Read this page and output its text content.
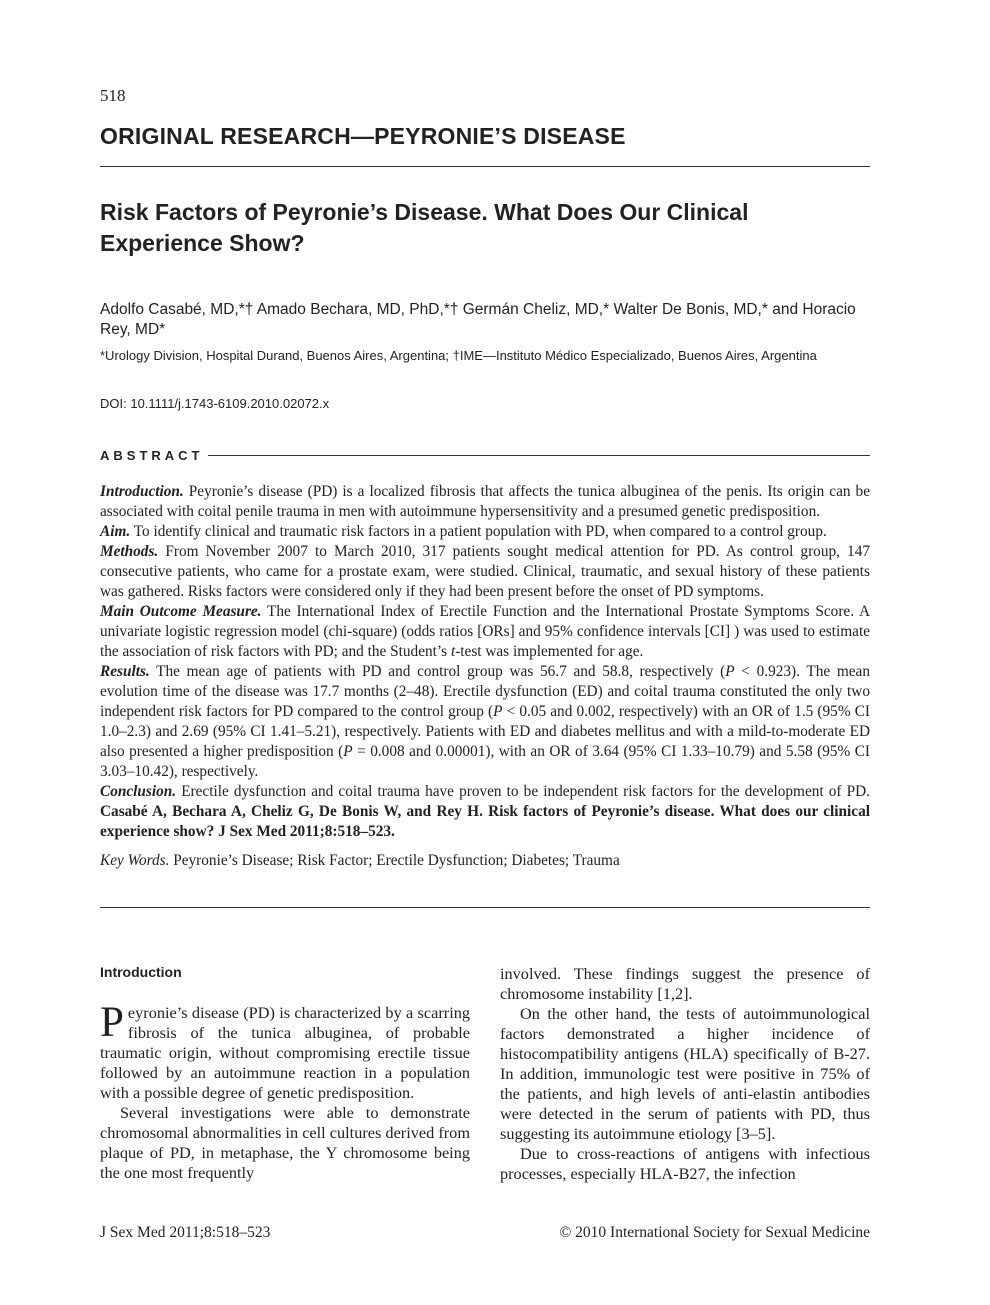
518
ORIGINAL RESEARCH—PEYRONIE’S DISEASE
Risk Factors of Peyronie’s Disease. What Does Our Clinical Experience Show?
Adolfo Casabé, MD,*† Amado Bechara, MD, PhD,*† Germán Cheliz, MD,* Walter De Bonis, MD,* and Horacio Rey, MD*
*Urology Division, Hospital Durand, Buenos Aires, Argentina; †IME—Instituto Médico Especializado, Buenos Aires, Argentina
DOI: 10.1111/j.1743-6109.2010.02072.x
ABSTRACT

Introduction. Peyronie’s disease (PD) is a localized fibrosis that affects the tunica albuginea of the penis. Its origin can be associated with coital penile trauma in men with autoimmune hypersensitivity and a presumed genetic predisposition.

Aim. To identify clinical and traumatic risk factors in a patient population with PD, when compared to a control group.

Methods. From November 2007 to March 2010, 317 patients sought medical attention for PD. As control group, 147 consecutive patients, who came for a prostate exam, were studied. Clinical, traumatic, and sexual history of these patients was gathered. Risks factors were considered only if they had been present before the onset of PD symptoms.

Main Outcome Measure. The International Index of Erectile Function and the International Prostate Symptoms Score. A univariate logistic regression model (chi-square) (odds ratios [ORs] and 95% confidence intervals [CI] ) was used to estimate the association of risk factors with PD; and the Student’s t-test was implemented for age.

Results. The mean age of patients with PD and control group was 56.7 and 58.8, respectively (P < 0.923). The mean evolution time of the disease was 17.7 months (2–48). Erectile dysfunction (ED) and coital trauma constituted the only two independent risk factors for PD compared to the control group (P < 0.05 and 0.002, respectively) with an OR of 1.5 (95% CI 1.0–2.3) and 2.69 (95% CI 1.41–5.21), respectively. Patients with ED and diabetes mellitus and with a mild-to-moderate ED also presented a higher predisposition (P = 0.008 and 0.00001), with an OR of 3.64 (95% CI 1.33–10.79) and 5.58 (95% CI 3.03–10.42), respectively.

Conclusion. Erectile dysfunction and coital trauma have proven to be independent risk factors for the development of PD. Casabé A, Bechara A, Cheliz G, De Bonis W, and Rey H. Risk factors of Peyronie’s disease. What does our clinical experience show? J Sex Med 2011;8:518–523.

Key Words. Peyronie’s Disease; Risk Factor; Erectile Dysfunction; Diabetes; Trauma
Introduction

Peyronie’s disease (PD) is characterized by a scarring fibrosis of the tunica albuginea, of probable traumatic origin, without compromising erectile tissue followed by an autoimmune reaction in a population with a possible degree of genetic predisposition.

Several investigations were able to demonstrate chromosomal abnormalities in cell cultures derived from plaque of PD, in metaphase, the Y chromosome being the one most frequently

involved. These findings suggest the presence of chromosome instability [1,2].

On the other hand, the tests of autoimmunological factors demonstrated a higher incidence of histocompatibility antigens (HLA) specifically of B-27. In addition, immunologic test were positive in 75% of the patients, and high levels of anti-elastin antibodies were detected in the serum of patients with PD, thus suggesting its autoimmune etiology [3–5].

Due to cross-reactions of antigens with infectious processes, especially HLA-B27, the infection

J Sex Med 2011;8:518–523	© 2010 International Society for Sexual Medicine
